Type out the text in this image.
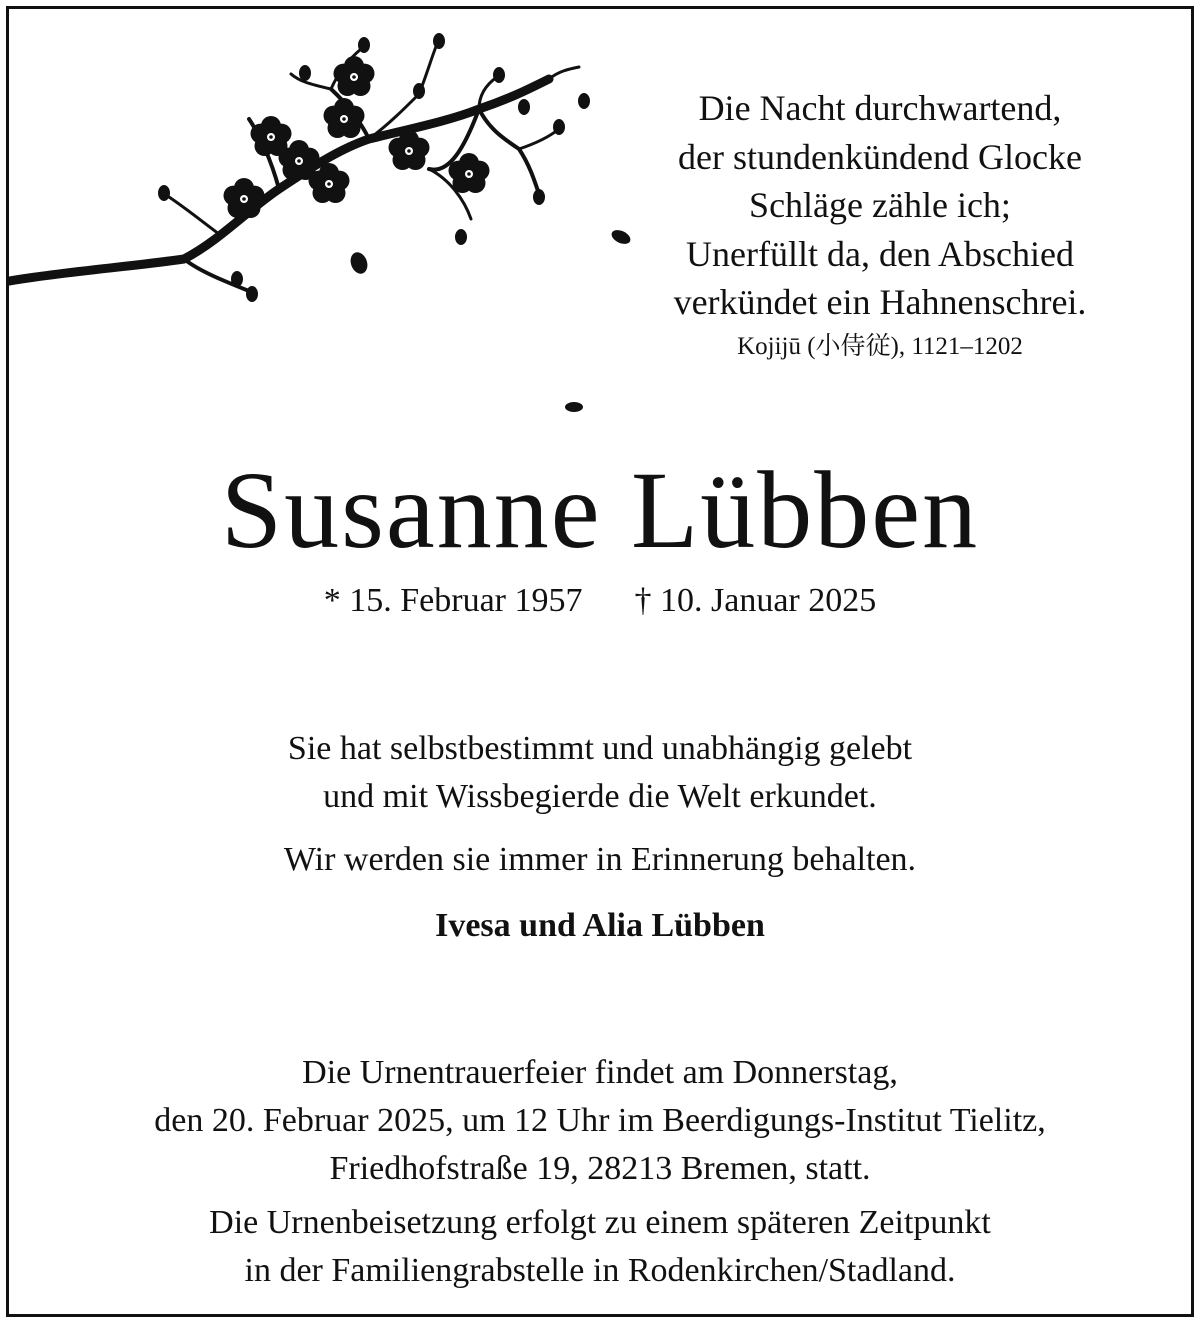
Die Nacht durchwartend,
der stundenkündend Glocke
Schläge zähle ich;
Unerfüllt da, den Abschied
verkündet ein Hahnenschrei.
Kojijū (小侍従), 1121–1202
Susanne Lübben
* 15. Februar 1957 † 10. Januar 2025
Sie hat selbstbestimmt und unabhängig gelebt
und mit Wissbegierde die Welt erkundet.
Wir werden sie immer in Erinnerung behalten.
Ivesa und Alia Lübben
Die Urnentrauerfeier findet am Donnerstag,
den 20. Februar 2025, um 12 Uhr im Beerdigungs-Institut Tielitz,
Friedhofstraße 19, 28213 Bremen, statt.
Die Urnenbeisetzung erfolgt zu einem späteren Zeitpunkt
in der Familiengrabstelle in Rodenkirchen/Stadland.
